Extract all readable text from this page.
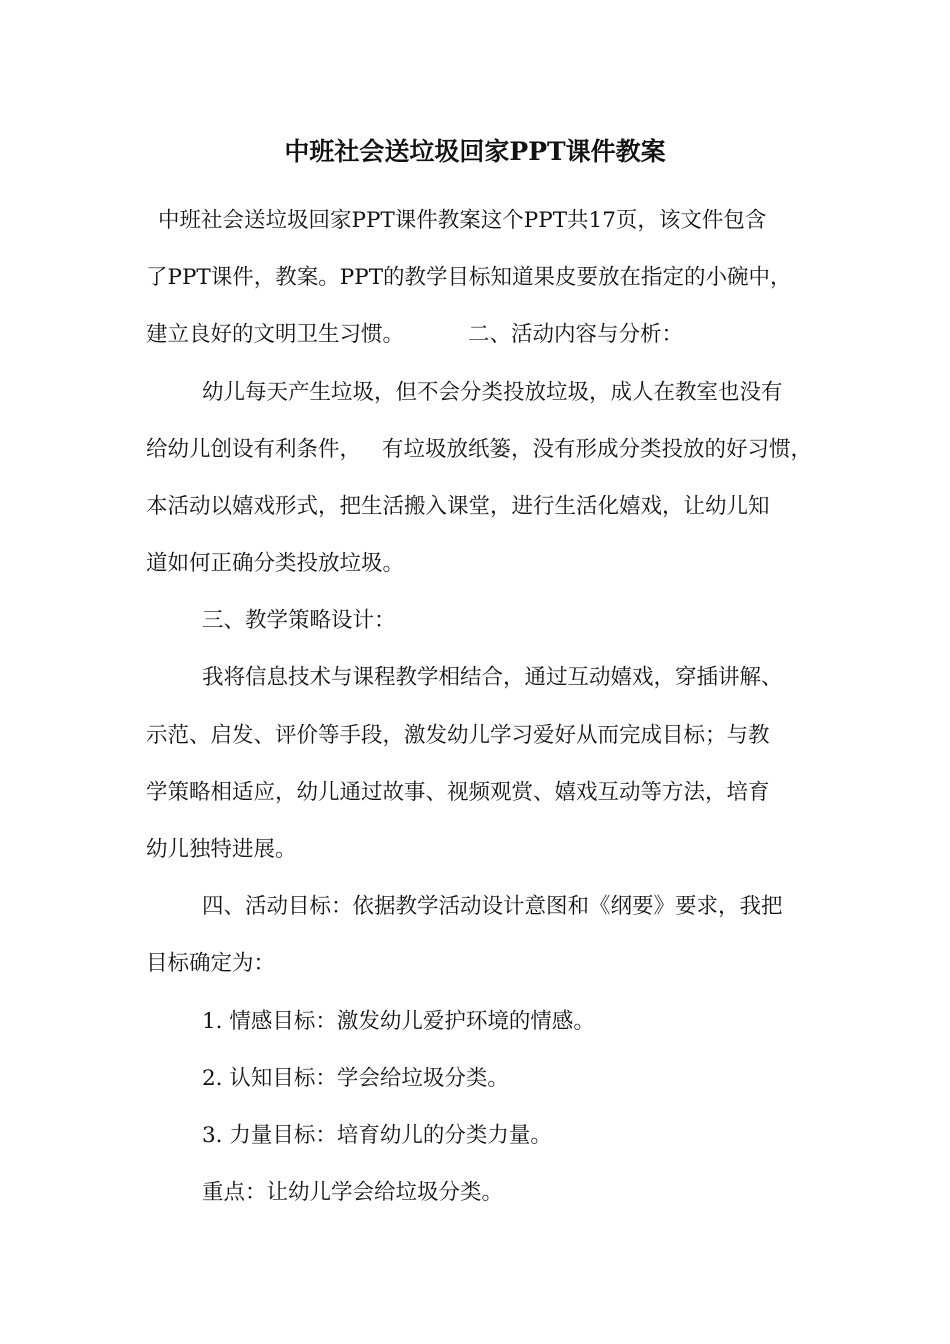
中班社会送垃圾回家PPT课件教案
中班社会送垃圾回家PPT课件教案这个PPT共17页，该文件包含
了PPT课件，教案。PPT的教学目标知道果皮要放在指定的小碗中，
建立良好的文明卫生习惯。	二、活动内容与分析：
幼儿每天产生垃圾，但不会分类投放垃圾，成人在教室也没有
给幼儿创设有利条件， 有垃圾放纸篓，没有形成分类投放的好习惯，
本活动以嬉戏形式，把生活搬入课堂，进行生活化嬉戏，让幼儿知
道如何正确分类投放垃圾。
三、教学策略设计：
我将信息技术与课程教学相结合，通过互动嬉戏，穿插讲解、
示范、启发、评价等手段，激发幼儿学习爱好从而完成目标；与教
学策略相适应，幼儿通过故事、视频观赏、嬉戏互动等方法，培育
幼儿独特进展。
四、活动目标：依据教学活动设计意图和《纲要》要求，我把
目标确定为：
1. 情感目标：激发幼儿爱护环境的情感。
2. 认知目标：学会给垃圾分类。
3. 力量目标：培育幼儿的分类力量。
重点：让幼儿学会给垃圾分类。
